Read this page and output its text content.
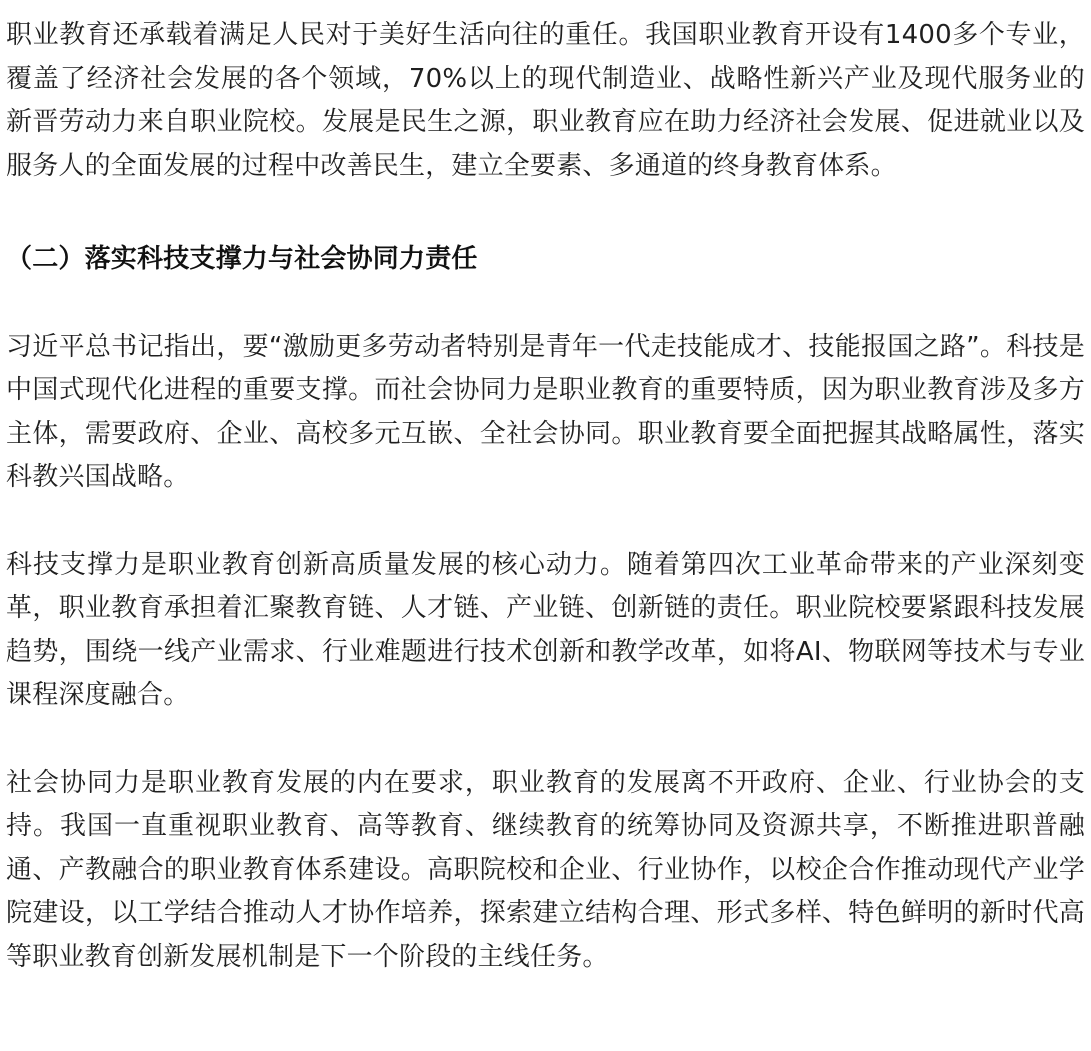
职业教育还承载着满足人民对于美好生活向往的重任。我国职业教育开设有1400多个专业，覆盖了经济社会发展的各个领域，70%以上的现代制造业、战略性新兴产业及现代服务业的新晋劳动力来自职业院校。发展是民生之源，职业教育应在助力经济社会发展、促进就业以及服务人的全面发展的过程中改善民生，建立全要素、多通道的终身教育体系。

（二）落实科技支撑力与社会协同力责任

习近平总书记指出，要“激励更多劳动者特别是青年一代走技能成才、技能报国之路”。科技是中国式现代化进程的重要支撑。而社会协同力是职业教育的重要特质，因为职业教育涉及多方主体，需要政府、企业、高校多元互嵌、全社会协同。职业教育要全面把握其战略属性，落实科教兴国战略。

科技支撑力是职业教育创新高质量发展的核心动力。随着第四次工业革命带来的产业深刻变革，职业教育承担着汇聚教育链、人才链、产业链、创新链的责任。职业院校要紧跟科技发展趋势，围绕一线产业需求、行业难题进行技术创新和教学改革，如将AI、物联网等技术与专业课程深度融合。

社会协同力是职业教育发展的内在要求，职业教育的发展离不开政府、企业、行业协会的支持。我国一直重视职业教育、高等教育、继续教育的统筹协同及资源共享，不断推进职普融通、产教融合的职业教育体系建设。高职院校和企业、行业协作，以校企合作推动现代产业学院建设，以工学结合推动人才协作培养，探索建立结构合理、形式多样、特色鲜明的新时代高等职业教育创新发展机制是下一个阶段的主线任务。
